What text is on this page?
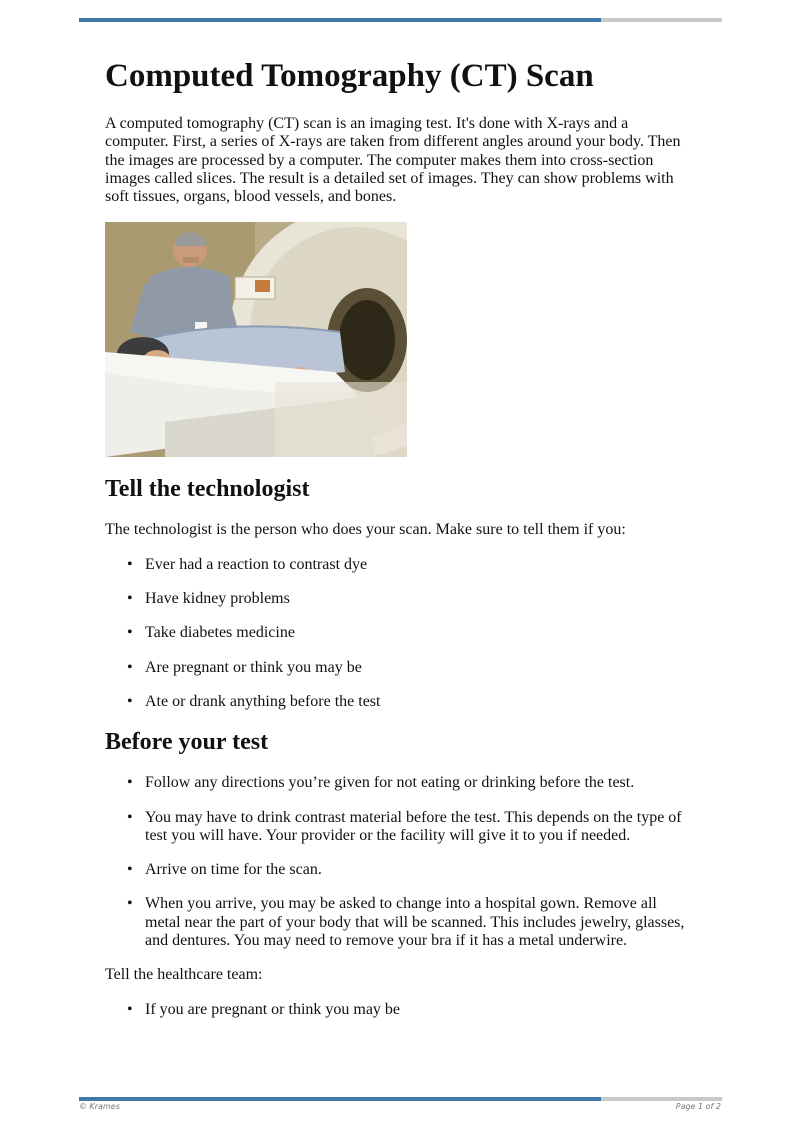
Computed Tomography (CT) Scan

A computed tomography (CT) scan is an imaging test. It's done with X-rays and a computer. First, a series of X-rays are taken from different angles around your body. Then the images are processed by a computer. The computer makes them into cross-section images called slices. The result is a detailed set of images. They can show problems with soft tissues, organs, blood vessels, and bones.

Tell the technologist

The technologist is the person who does your scan. Make sure to tell them if you:

• Ever had a reaction to contrast dye
• Have kidney problems
• Take diabetes medicine
• Are pregnant or think you may be
• Ate or drank anything before the test
Before your test
• Follow any directions you’re given for not eating or drinking before the test.
• You may have to drink contrast material before the test. This depends on the type of test you will have. Your provider or the facility will give it to you if needed.
• Arrive on time for the scan.
• When you arrive, you may be asked to change into a hospital gown. Remove all metal near the part of your body that will be scanned. This includes jewelry, glasses, and dentures. You may need to remove your bra if it has a metal underwire.

Tell the healthcare team:

• If you are pregnant or think you may be
© Krames	Page 1 of 2
